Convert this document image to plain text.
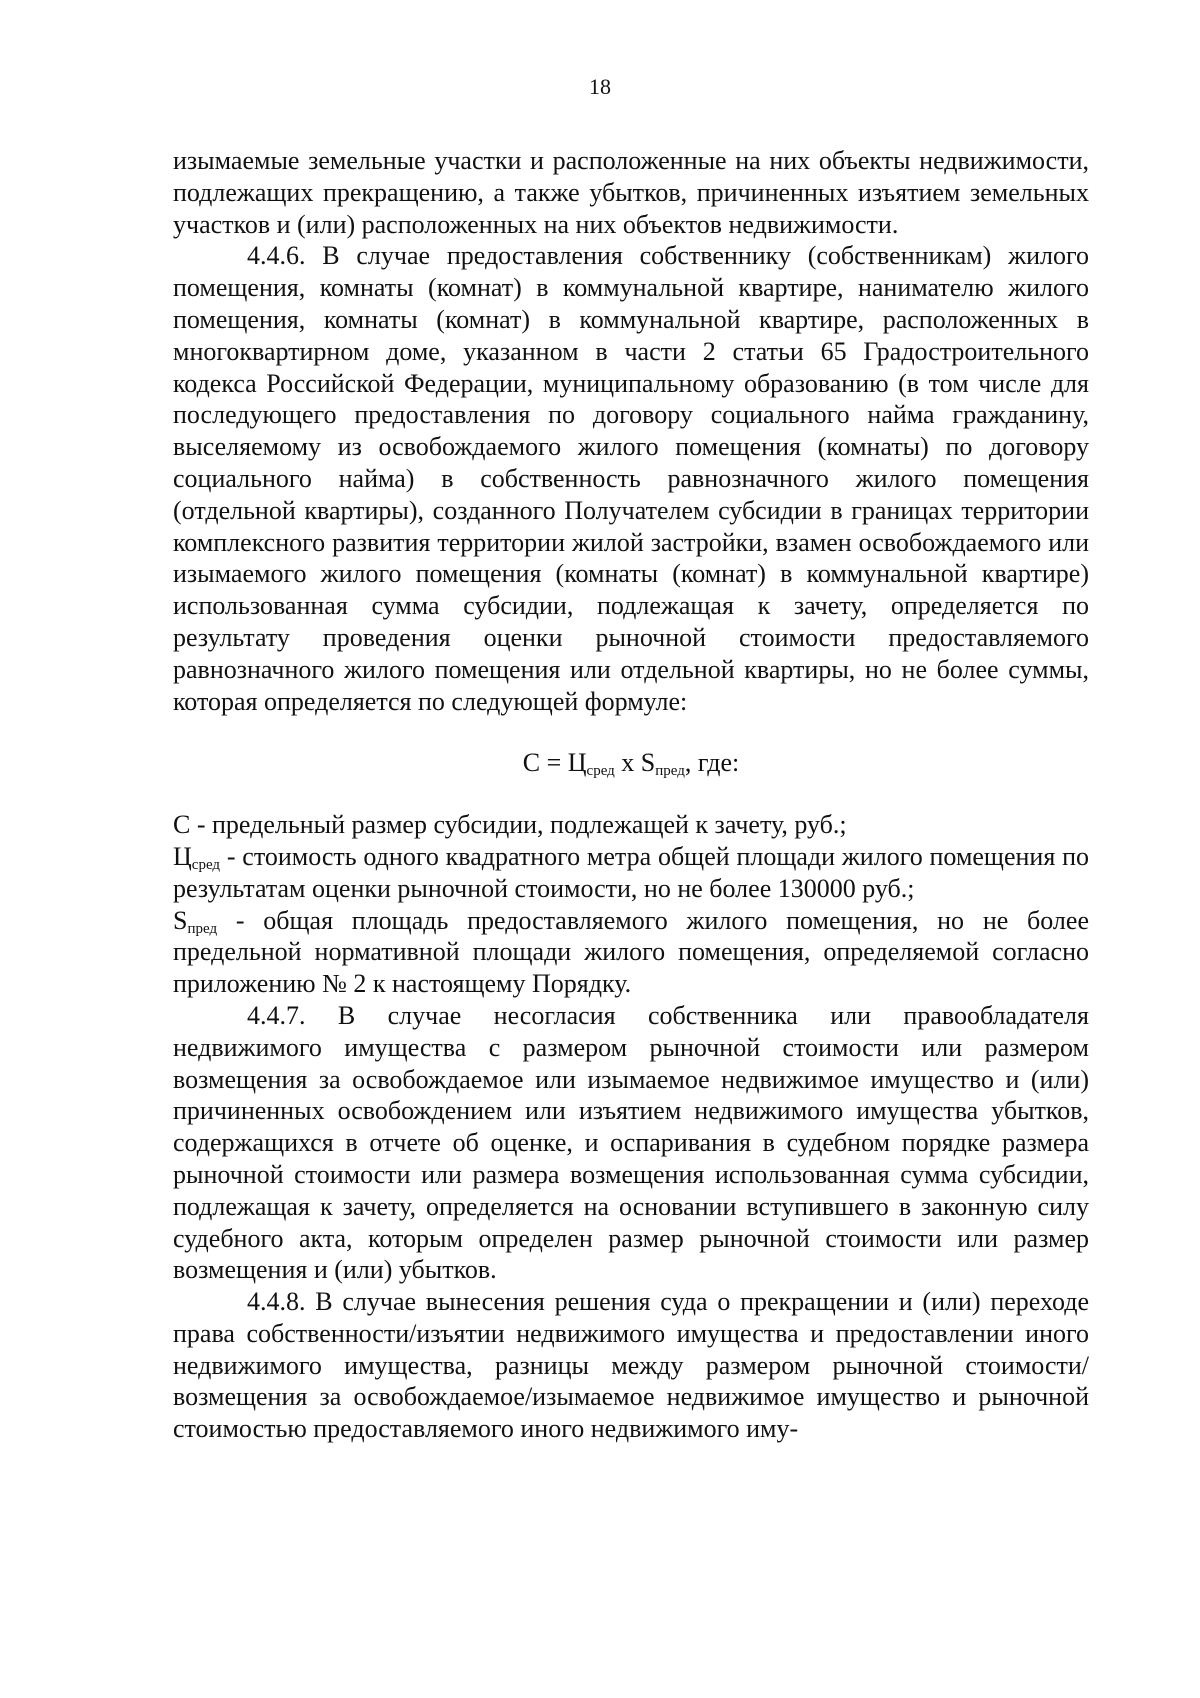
18

изымаемые земельные участки и расположенные на них объекты недвижимости, подлежащих прекращению, а также убытков, причиненных изъятием земельных участков и (или) расположенных на них объектов недвижимости.

4.4.6. В случае предоставления собственнику (собственникам) жилого помещения, комнаты (комнат) в коммунальной квартире, нанимателю жилого помещения, комнаты (комнат) в коммунальной квартире, расположенных в многоквартирном доме, указанном в части 2 статьи 65 Градостроительного кодекса Российской Федерации, муниципальному образованию (в том числе для последующего предоставления по договору социального найма гражданину, выселяемому из освобождаемого жилого помещения (комнаты) по договору социального найма) в собственность равнозначного жилого помещения (отдельной квартиры), созданного Получателем субсидии в границах территории комплексного развития территории жилой застройки, взамен освобождаемого или изымаемого жилого помещения (комнаты (комнат) в коммунальной квартире) использованная сумма субсидии, подлежащая к зачету, определяется по результату проведения оценки рыночной стоимости предоставляемого равнозначного жилого помещения или отдельной квартиры, но не более суммы, которая определяется по следующей формуле:

$С = Ц_{сред}$ х $S_{пред}$, где:

С - предельный размер субсидии, подлежащей к зачету, руб.;

$Ц_{сред}$ - стоимость одного квадратного метра общей площади жилого помещения по результатам оценки рыночной стоимости, но не более 130000 руб.;

$S_{пред}$ - общая площадь предоставляемого жилого помещения, но не более предельной нормативной площади жилого помещения, определяемой согласно приложению № 2 к настоящему Порядку.

4.4.7. В случае несогласия собственника или правообладателя недвижимого имущества с размером рыночной стоимости или размером возмещения за освобождаемое или изымаемое недвижимое имущество и (или) причиненных освобождением или изъятием недвижимого имущества убытков, содержащихся в отчете об оценке, и оспаривания в судебном порядке размера рыночной стоимости или размера возмещения использованная сумма субсидии, подлежащая к зачету, определяется на основании вступившего в законную силу судебного акта, которым определен размер рыночной стоимости или размер возмещения и (или) убытков.

4.4.8. В случае вынесения решения суда о прекращении и (или) переходе права собственности/изъятии недвижимого имущества и предоставлении иного недвижимого имущества, разницы между размером рыночной стоимости/возмещения за освобождаемое/изымаемое недвижимое имущество и рыночной стоимостью предоставляемого иного недвижимого иму-
